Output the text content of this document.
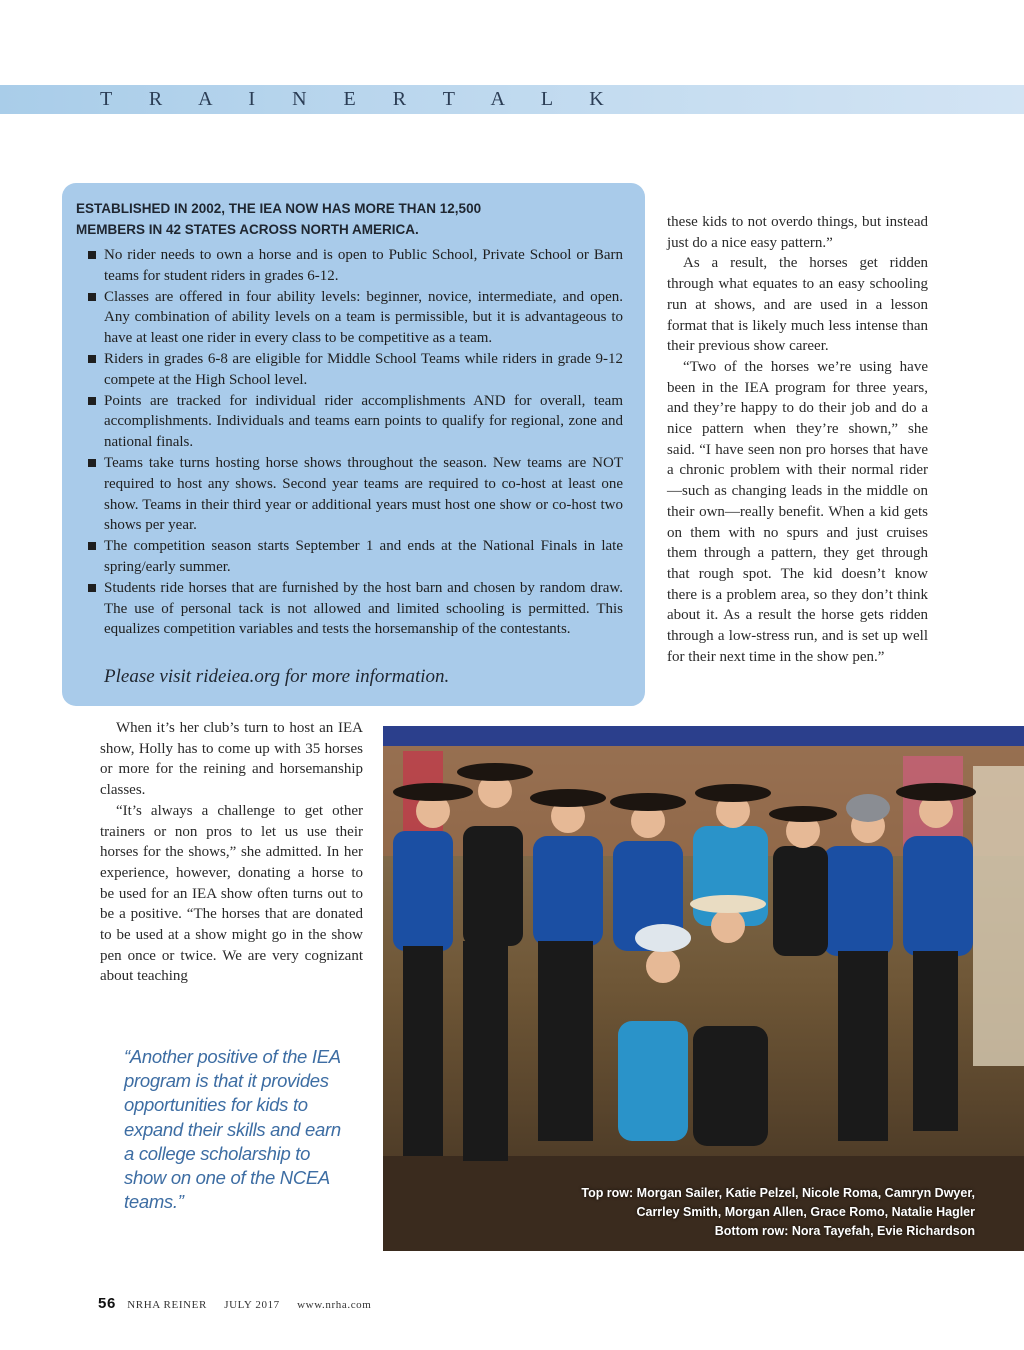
T R A I N E R T A L K
ESTABLISHED IN 2002, THE IEA NOW HAS MORE THAN 12,500
MEMBERS IN 42 STATES ACROSS NORTH AMERICA.
No rider needs to own a horse and is open to Public School, Private School or Barn teams for student riders in grades 6-12.
Classes are offered in four ability levels: beginner, novice, intermediate, and open. Any combination of ability levels on a team is permissible, but it is advantageous to have at least one rider in every class to be competitive as a team.
Riders in grades 6-8 are eligible for Middle School Teams while riders in grade 9-12 compete at the High School level.
Points are tracked for individual rider accomplishments AND for overall, team accomplishments. Individuals and teams earn points to qualify for regional, zone and national finals.
Teams take turns hosting horse shows throughout the season. New teams are NOT required to host any shows. Second year teams are required to co-host at least one show. Teams in their third year or additional years must host one show or co-host two shows per year.
The competition season starts September 1 and ends at the National Finals in late spring/early summer.
Students ride horses that are furnished by the host barn and chosen by random draw. The use of personal tack is not allowed and limited schooling is permitted. This equalizes competition variables and tests the horsemanship of the contestants.
Please visit rideiea.org for more information.

these kids to not overdo things, but instead just do a nice easy pattern.”

As a result, the horses get ridden through what equates to an easy schooling run at shows, and are used in a lesson format that is likely much less intense than their previous show career.

“Two of the horses we’re using have been in the IEA program for three years, and they’re happy to do their job and do a nice pattern when they’re shown,” she said. “I have seen non pro horses that have a chronic problem with their normal rider—such as changing leads in the middle on their own—really benefit. When a kid gets on them with no spurs and just cruises them through a pattern, they get through that rough spot. The kid doesn’t know there is a problem area, so they don’t think about it. As a result the horse gets ridden through a low-stress run, and is set up well for their next time in the show pen.”

When it’s her club’s turn to host an IEA show, Holly has to come up with 35 horses or more for the reining and horsemanship classes.

“It’s always a challenge to get other trainers or non pros to let us use their horses for the shows,” she admitted. In her experience, however, donating a horse to be used for an IEA show often turns out to be a positive. “The horses that are donated to be used at a show might go in the show pen once or twice. We are very cognizant about teaching

“Another positive of the IEA program is that it provides opportunities for kids to expand their skills and earn a college scholarship to show on one of the NCEA teams.”	Top row: Morgan Sailer, Katie Pelzel, Nicole Roma, Camryn Dwyer,
Carrley Smith, Morgan Allen, Grace Romo, Natalie Hagler
Bottom row: Nora Tayefah, Evie Richardson
56 NRHA REINER JULY 2017 www.nrha.com
